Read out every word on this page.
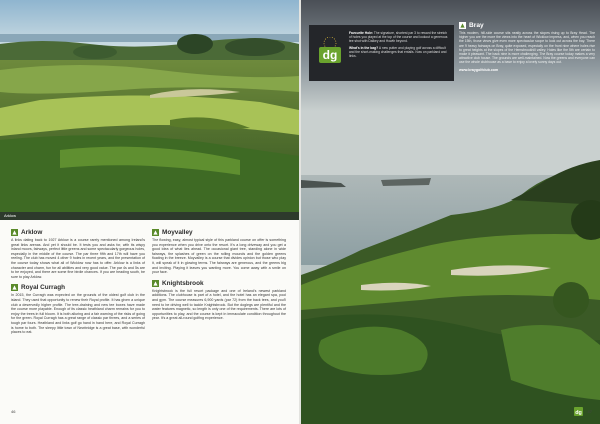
Arklow
Arklow
A links dating back to 1927 Arklow is a course rarely mentioned among Ireland's great links arenas. And yet it should be. It tests you and asks for, with its wispy inland moors, fairways, perfect little greens and some spectacularly gorgeous holes, especially in the middle of the course. The par three fifth and 17th will have you reeling. The club has moved 4 other 9 holes in recent years, and the presentation of the course today shows what all of Wicklow now has to offer. Arklow is a links of character and charm, fun for all abilities and very good value. The par 4s and 5s are to be enjoyed, and there are some fine birdie chances. If you are heading south, be sure to play Arklow.
Royal Curragh
In 2015, the Curragh was expected on the grounds of the oldest golf club in the island. They used that opportunity to renew their Royal profile. It has given a unique club a deservedly higher profile. The tree-draining and new tee boxes have made the course more playable. Enough of its classic heathland charm remains for you to enjoy the trees in full bloom. It is both alluring and a fair warning of the risks of going for the green. Royal Curragh has a great range of classic par threes, and a series of tough par fours. Heathland and links golf go hand in hand here, and Royal Curragh is home to both. The sleepy little town of Newbridge is a great base, with wonderful places to eat.
Moyvalley
The flowing, easy, almost typical style of this parkland course on offer is something you experience when you drive onto the resort. It's a long driveway and you get a good idea of what lies ahead. The occasional giant tree, standing alone in wide fairways, the splashes of green on the rolling mounds and the golden greens floating in the breeze. Moyvalley is a course that divides opinion but those who play it, will speak of it in glowing terms. The fairways are generous, and the greens big and inviting. Playing it leaves you wanting more. You come away with a smile on your face.
Knightsbrook
Knightsbrook is the full resort package and one of Ireland's newest parkland additions. The clubhouse is part of a hotel, and the hotel has an elegant spa, pool and gym. The course measures 6,900 yards (par 72) from the back tees, and you'll need to be driving well to tackle Knightsbrook. But the doglegs are plentiful and the water features magnetic, so length is only one of the requirements. There are lots of opportunities to play, and the course is kept in immaculate condition throughout the year. It's a great all-round golfing experience.
46
dg

Favourite Hole: The signature, shortest par 3 to reward the stretch of holes you played at the top of the course and lookout a generous tee shot with Dalkey and Howth beyond.

What's in the bag? A new putter and playing golf across a difficult and the short-making challenges that entails. Now on parkland and links.

Bray
This modern, hill-side course sits neatly across the slopes rising up to Bray Head. The higher you are the more the views into the heart of Wicklow impress, and, when you reach the 15th, those views give even more spectacular scope to look out across the bay. There are 9 heavy fairways on Bray, quite exposed, especially on the front nine where holes rise to great heights at the slopes of the Hemsbrookhill valley. Holes like the 5th are certain to make it pleasant. The back nine is more challenging. The Bray course today makes a very attractive club house. The grounds are well-maintained. Now the greens and everyone can use the whole clubhouse as a base to enjoy a lovely sunny days out.
www.braygolfclub.com
dg 47
